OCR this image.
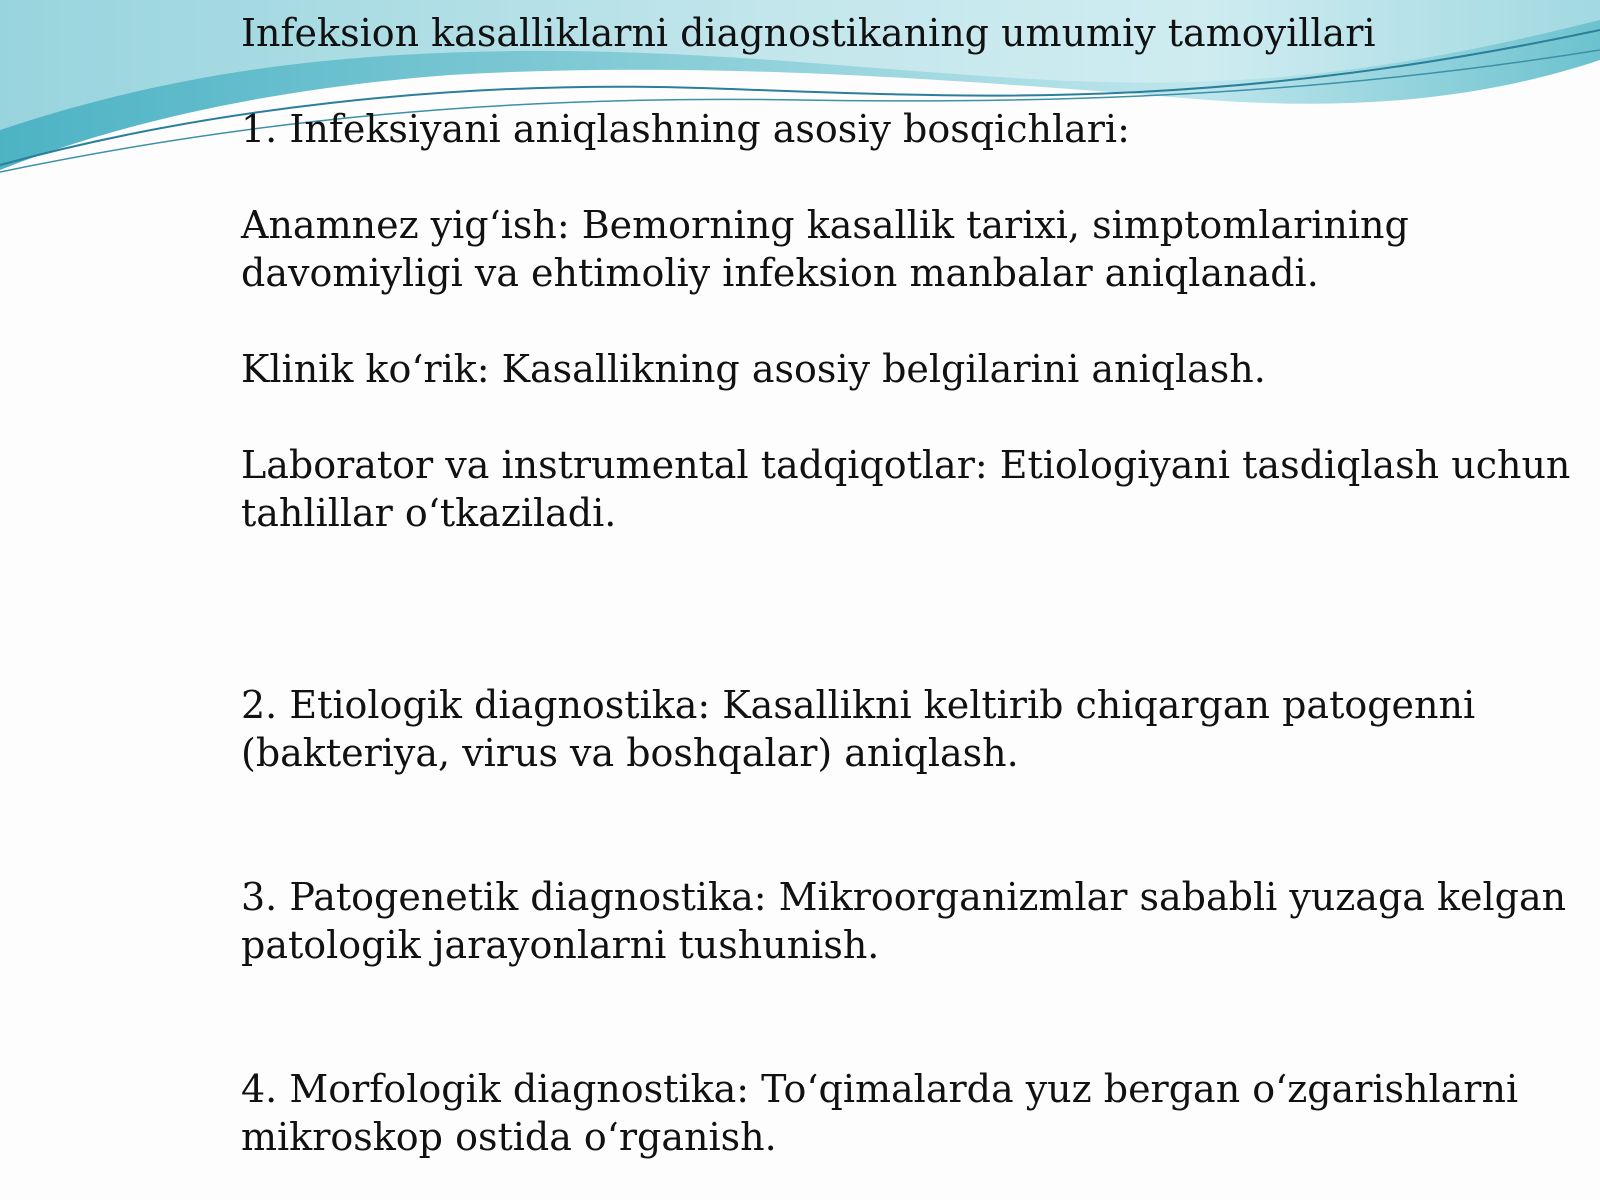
Infeksion kasalliklarni diagnostikaning umumiy tamoyillari

1. Infeksiyani aniqlashning asosiy bosqichlari:

Anamnez yig‘ish: Bemorning kasallik tarixi, simptomlarining davomiyligi va ehtimoliy infeksion manbalar aniqlanadi.

Klinik ko‘rik: Kasallikning asosiy belgilarini aniqlash.

Laborator va instrumental tadqiqotlar: Etiologiyani tasdiqlash uchun tahlillar o‘tkaziladi.

2. Etiologik diagnostika: Kasallikni keltirib chiqargan patogenni (bakteriya, virus va boshqalar) aniqlash.

3. Patogenetik diagnostika: Mikroorganizmlar sababli yuzaga kelgan patologik jarayonlarni tushunish.

4. Morfologik diagnostika: To‘qimalarda yuz bergan o‘zgarishlarni mikroskop ostida o‘rganish.
